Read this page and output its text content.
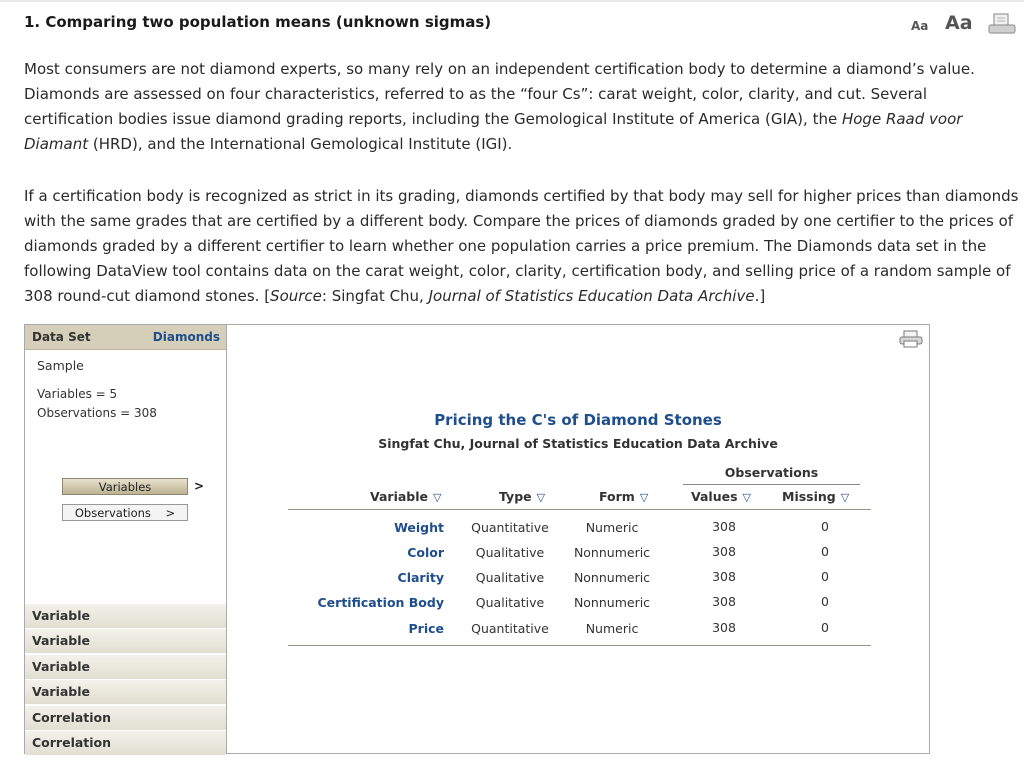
1. Comparing two population means (unknown sigmas)	Aa Aa
Most consumers are not diamond experts, so many rely on an independent certification body to determine a diamond’s value. Diamonds are assessed on four characteristics, referred to as the “four Cs”: carat weight, color, clarity, and cut. Several certification bodies issue diamond grading reports, including the Gemological Institute of America (GIA), the Hoge Raad voor Diamant (HRD), and the International Gemological Institute (IGI).
If a certification body is recognized as strict in its grading, diamonds certified by that body may sell for higher prices than diamonds with the same grades that are certified by a different body. Compare the prices of diamonds graded by one certifier to the prices of diamonds graded by a different certifier to learn whether one population carries a price premium. The Diamonds data set in the following DataView tool contains data on the carat weight, color, clarity, certification body, and selling price of a random sample of 308 round-cut diamond stones. [Source: Singfat Chu, Journal of Statistics Education Data Archive.]
Data Set	Diamonds
Sample
Variables = 5
Observations = 308
Variables	>
Observations    >
Variable
Variable
Variable
Variable
Correlation
Correlation
Pricing the C's of Diamond Stones
Singfat Chu, Journal of Statistics Education Data Archive
Observations
Variable ▽	Type ▽	Form ▽	Values ▽ Missing ▽
Weight	Quantitative	Numeric	308	0
Color	Qualitative	Nonnumeric	308	0
Clarity	Qualitative	Nonnumeric	308	0
Certification Body	Qualitative	Nonnumeric	308	0
Price	Quantitative	Numeric	308	0
